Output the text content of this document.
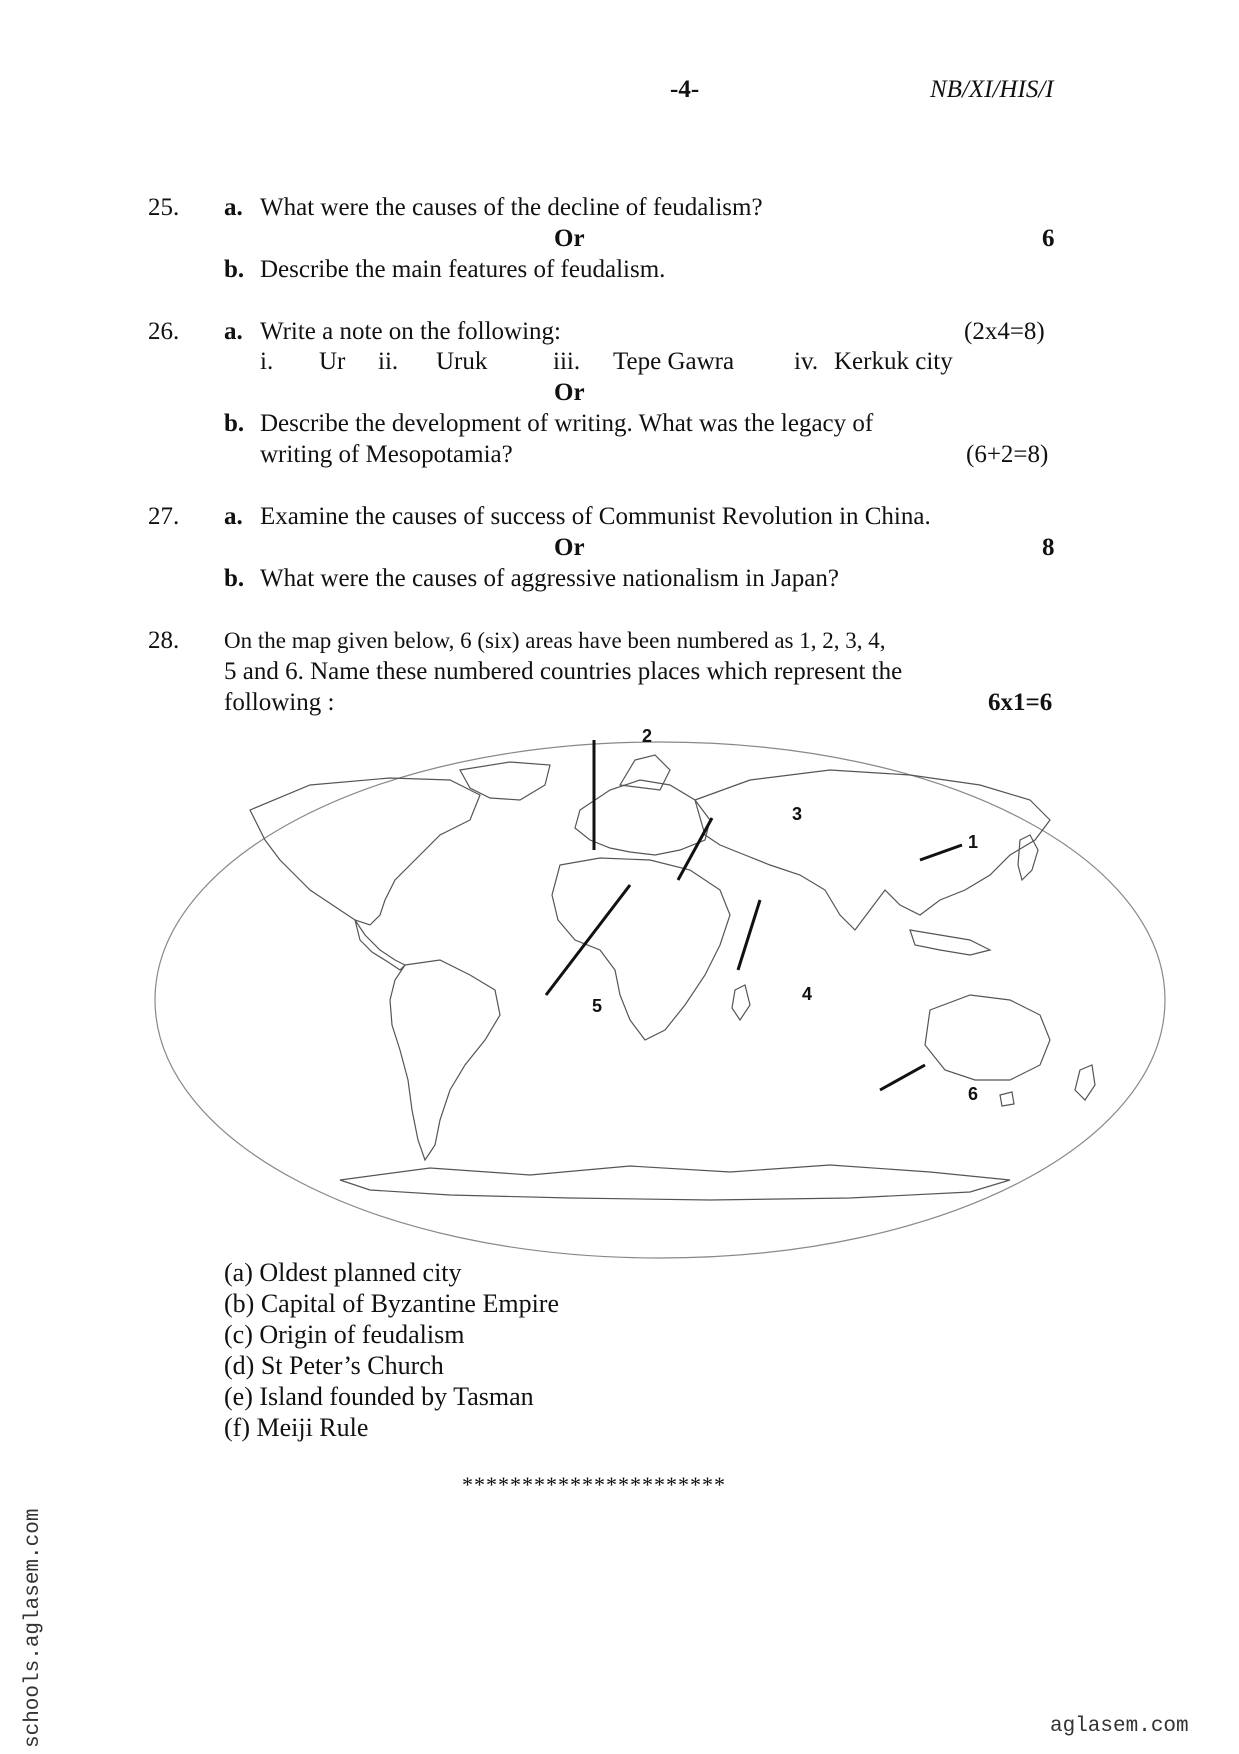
-4-	NB/XI/HIS/I
25. a. What were the causes of the decline of feudalism?
Or	6
b. Describe the main features of feudalism.
26. a. Write a note on the following:	(2x4=8)
i. Ur ii. Uruk	iii. Tepe Gawra iv. Kerkuk city
Or
b. Describe the development of writing. What was the legacy of
writing of Mesopotamia?	(6+2=8)
27. a. Examine the causes of success of Communist Revolution in China.
Or	8
b. What were the causes of aggressive nationalism in Japan?
28. On the map given below, 6 (six) areas have been numbered as 1, 2, 3, 4,
5 and 6. Name these numbered countries places which represent the
following :	6x1=6
1
2
3
4
5
6
(a) Oldest planned city
(b) Capital of Byzantine Empire
(c) Origin of feudalism
(d) St Peter’s Church
(e) Island founded by Tasman
(f) Meiji Rule
**********************
schools.aglasem.com	aglasem.com
